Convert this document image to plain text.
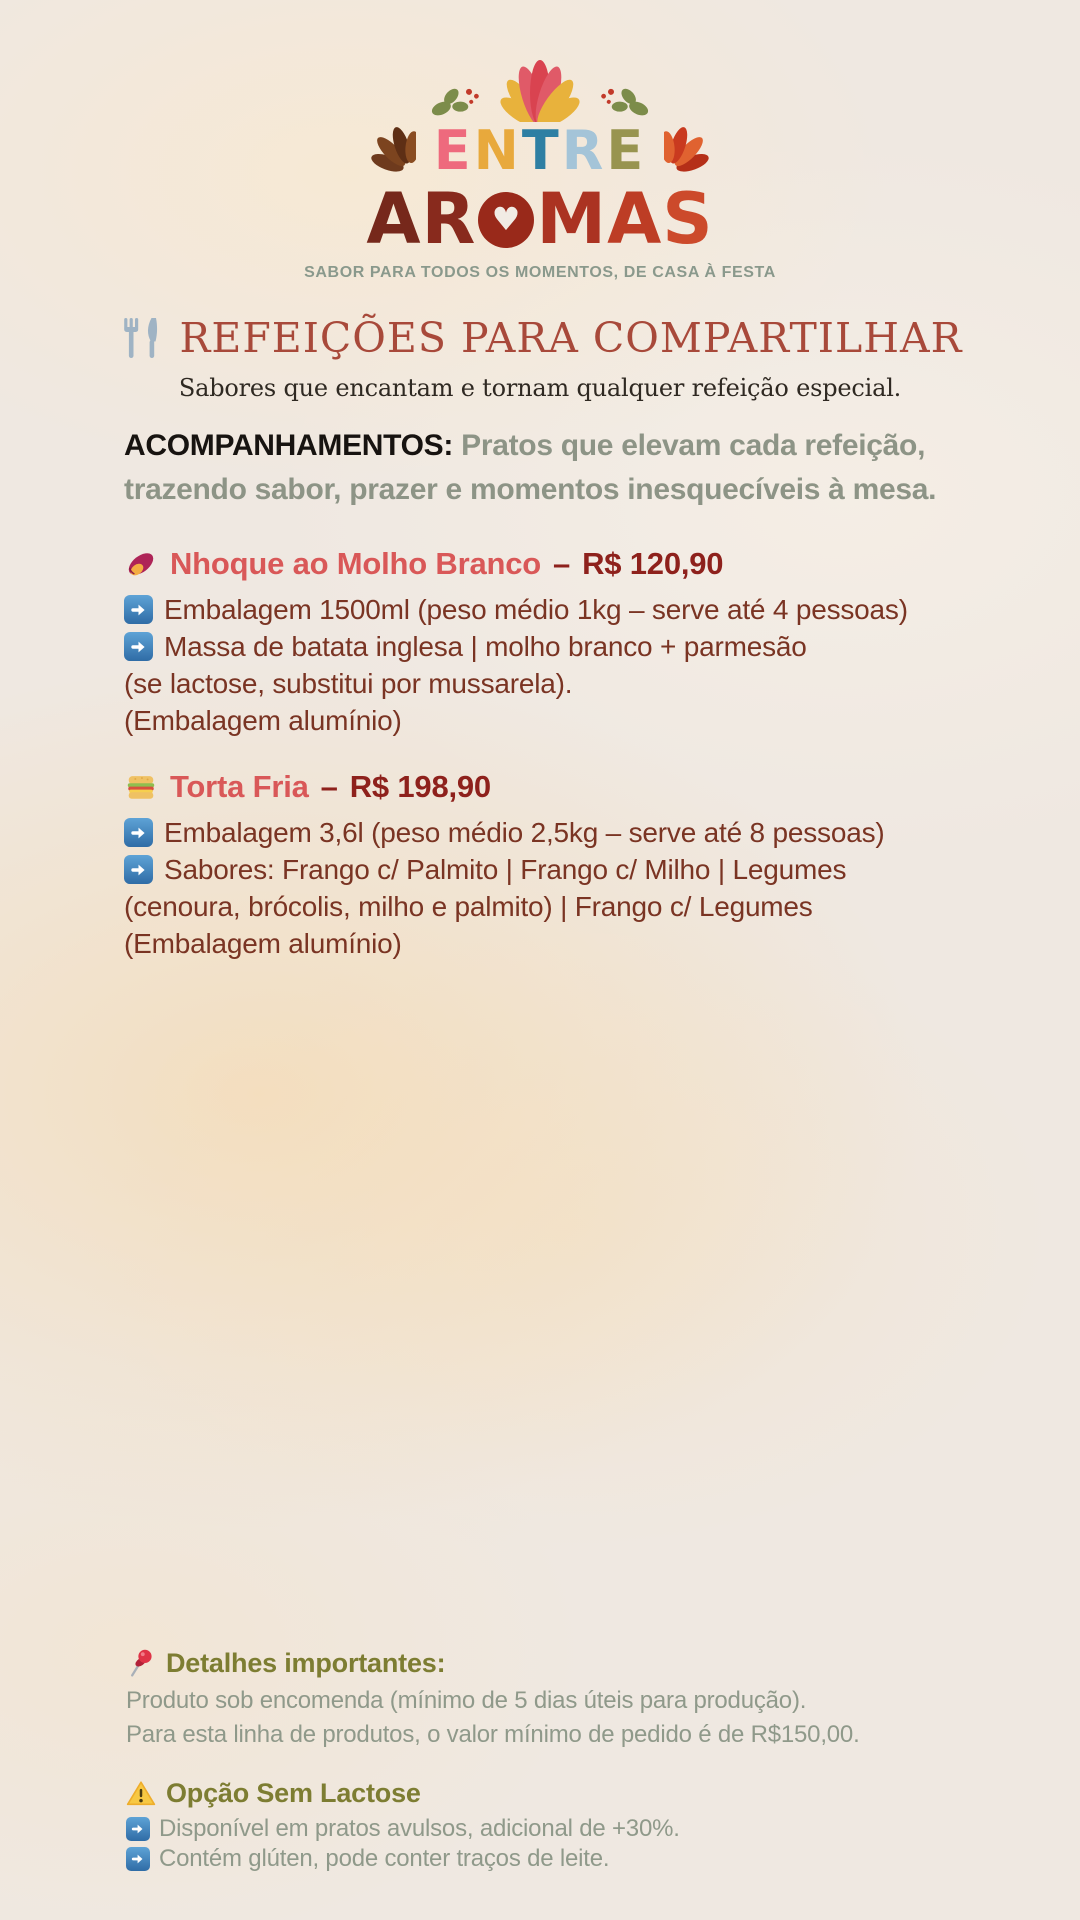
ENTRE
A R ♥ M A S
SABOR PARA TODOS OS MOMENTOS, DE CASA À FESTA
REFEIÇÕES PARA COMPARTILHAR
Sabores que encantam e tornam qualquer refeição especial.

ACOMPANHAMENTOS: Pratos que elevam cada refeição, trazendo sabor, prazer e momentos inesquecíveis à mesa.

Nhoque ao Molho Branco – R$ 120,90
Embalagem 1500ml (peso médio 1kg – serve até 4 pessoas)
Massa de batata inglesa | molho branco + parmesão
(se lactose, substitui por mussarela).
(Embalagem alumínio)
Torta Fria – R$ 198,90
Embalagem 3,6l (peso médio 2,5kg – serve até 8 pessoas)
Sabores: Frango c/ Palmito | Frango c/ Milho | Legumes
(cenoura, brócolis, milho e palmito) | Frango c/ Legumes
(Embalagem alumínio)
Detalhes importantes:
Produto sob encomenda (mínimo de 5 dias úteis para produção).
Para esta linha de produtos, o valor mínimo de pedido é de R$150,00.
Opção Sem Lactose
Disponível em pratos avulsos, adicional de +30%.
Contém glúten, pode conter traços de leite.
